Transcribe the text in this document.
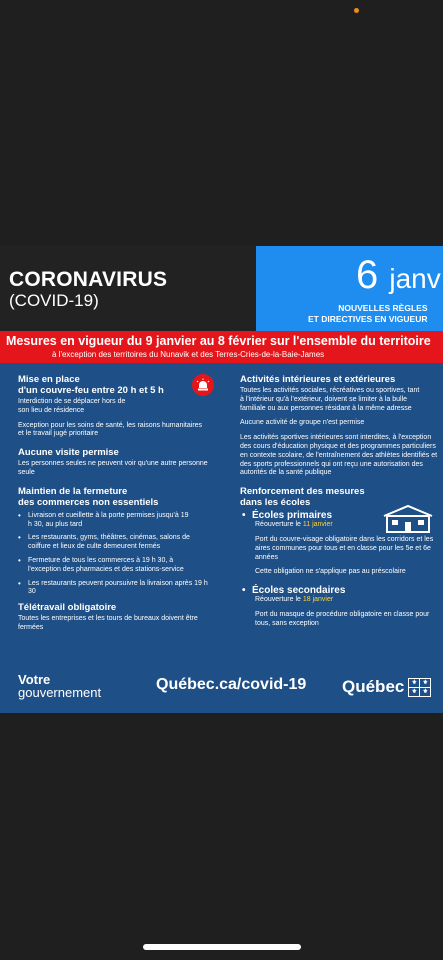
CORONAVIRUS
(COVID-19)
6 janv
NOUVELLES RÈGLES
ET DIRECTIVES EN VIGUEUR
Mesures en vigueur du 9 janvier au 8 février sur l'ensemble du territoire
à l'exception des territoires du Nunavik et des Terres-Cries-de-la-Baie-James
Mise en place
d'un couvre-feu entre 20 h et 5 h
Interdiction de se déplacer hors de son lieu de résidence
Exception pour les soins de santé, les raisons humanitaires et le travail jugé prioritaire
Aucune visite permise
Les personnes seules ne peuvent voir qu'une autre personne seule
Maintien de la fermeture
des commerces non essentiels
• Livraison et cueillette à la porte permises jusqu'à 19 h 30, au plus tard
• Les restaurants, gyms, théâtres, cinémas, salons de coiffure et lieux de culte demeurent fermés
• Fermeture de tous les commerces à 19 h 30, à l'exception des pharmacies et des stations-service
• Les restaurants peuvent poursuivre la livraison après 19 h 30
Télétravail obligatoire
Toutes les entreprises et les tours de bureaux doivent être fermées
Activités intérieures et extérieures
Toutes les activités sociales, récréatives ou sportives, tant à l'intérieur qu'à l'extérieur, doivent se limiter à la bulle familiale ou aux personnes résidant à la même adresse
Aucune activité de groupe n'est permise
Les activités sportives intérieures sont interdites, à l'exception des cours d'éducation physique et des programmes particuliers en contexte scolaire, de l'entraînement des athlètes identifiés et des sports professionnels qui ont reçu une autorisation des autorités de la santé publique
Renforcement des mesures
dans les écoles
• Écoles primaires
Réouverture le 11 janvier
Port du couvre-visage obligatoire dans les corridors et les aires communes pour tous et en classe pour les 5e et 6e années
Cette obligation ne s'applique pas au préscolaire
• Écoles secondaires
Réouverture le 18 janvier
Port du masque de procédure obligatoire en classe pour tous, sans exception
Votre
gouvernement	Québec.ca/covid-19 Québec	⚜ ⚜
⚜ ⚜
